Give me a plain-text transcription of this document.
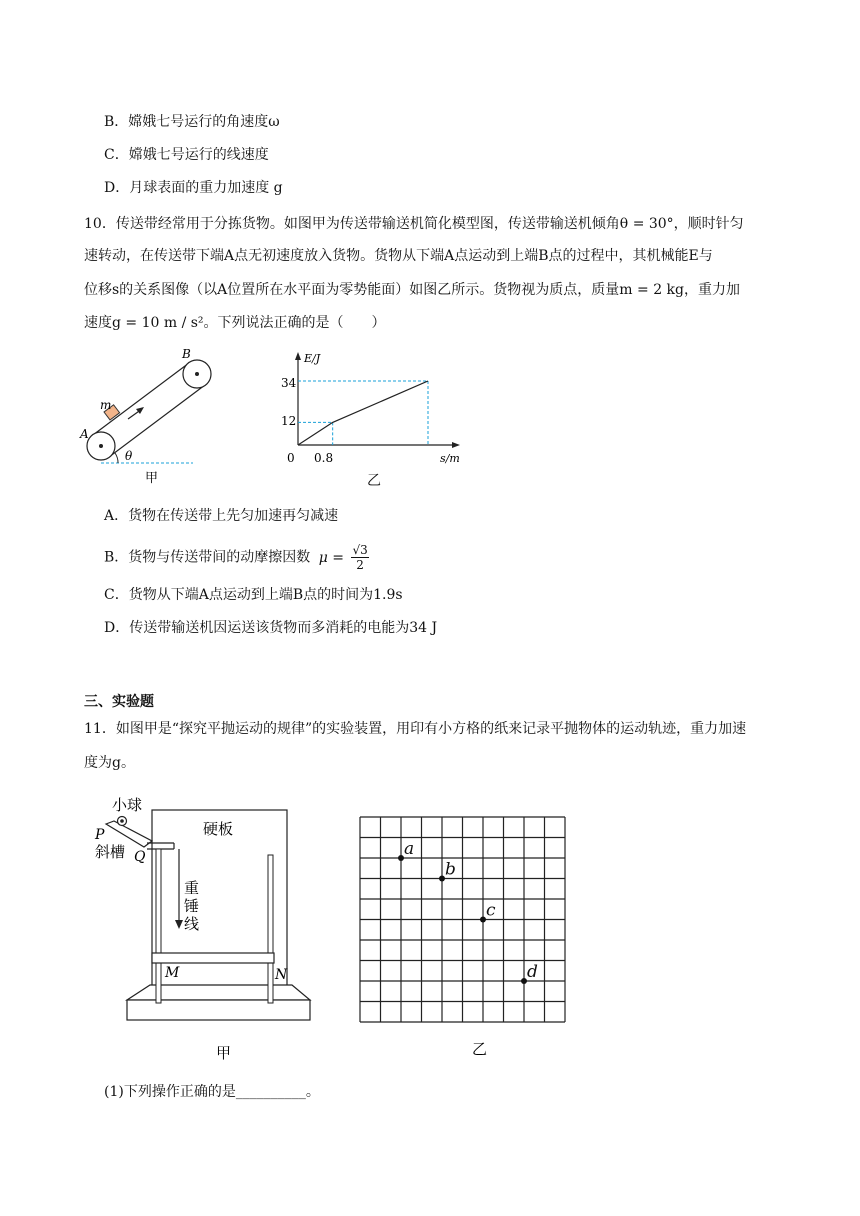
B．嫦娥七号运行的角速度ω
C．嫦娥七号运行的线速度
D．月球表面的重力加速度 g
10．传送带经常用于分拣货物。如图甲为传送带输送机简化模型图，传送带输送机倾角θ = 30°，顺时针匀
速转动，在传送带下端A点无初速度放入货物。货物从下端A点运动到上端B点的过程中，其机械能E与
位移s的关系图像（以A位置所在水平面为零势能面）如图乙所示。货物视为质点，质量m = 2 kg，重力加
速度g = 10 m / s²。下列说法正确的是（　　）
θ
A
B
m
甲
E/J
s/m
0 0.8
12
34
乙
A．货物在传送带上先匀加速再匀减速
B．货物与传送带间的动摩擦因数 $\mu = \frac{√3}{2}$
C．货物从下端A点运动到上端B点的时间为1.9s
D．传送带输送机因运送该货物而多消耗的电能为34 J
三、实验题
11．如图甲是“探究平抛运动的规律”的实验装置，用印有小方格的纸来记录平抛物体的运动轨迹，重力加速
度为g。
硬板
小球
P
斜槽 Q
重
锤
线
M	N
甲
a
b
c
d
乙
(1)下列操作正确的是__________。
